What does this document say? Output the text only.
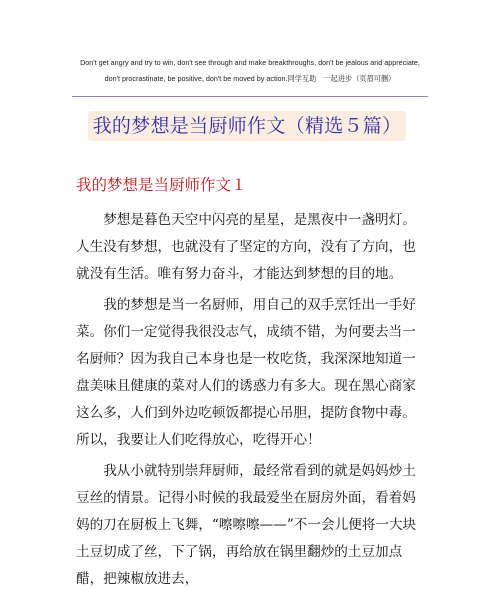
Don't get angry and try to win, don't see through and make breakthroughs, don't be jealous and appreciate,
don't procrastinate, be positive, don't be moved by action.同学互助　一起进步（页眉可删）
我的梦想是当厨师作文（精选５篇）
我的梦想是当厨师作文１

梦想是暮色天空中闪亮的星星，是黑夜中一盏明灯。人生没有梦想，也就没有了坚定的方向，没有了方向，也就没有生活。唯有努力奋斗，才能达到梦想的目的地。

我的梦想是当一名厨师，用自己的双手烹饪出一手好菜。你们一定觉得我很没志气，成绩不错，为何要去当一名厨师？因为我自己本身也是一枚吃货，我深深地知道一盘美味且健康的菜对人们的诱惑力有多大。现在黑心商家这么多，人们到外边吃顿饭都提心吊胆，提防食物中毒。所以，我要让人们吃得放心，吃得开心！

我从小就特别崇拜厨师，最经常看到的就是妈妈炒土豆丝的情景。记得小时候的我最爱坐在厨房外面，看着妈妈的刀在厨板上飞舞，“嚓嚓嚓——”不一会儿便将一大块土豆切成了丝，下了锅，再给放在锅里翻炒的土豆加点醋，把辣椒放进去，
